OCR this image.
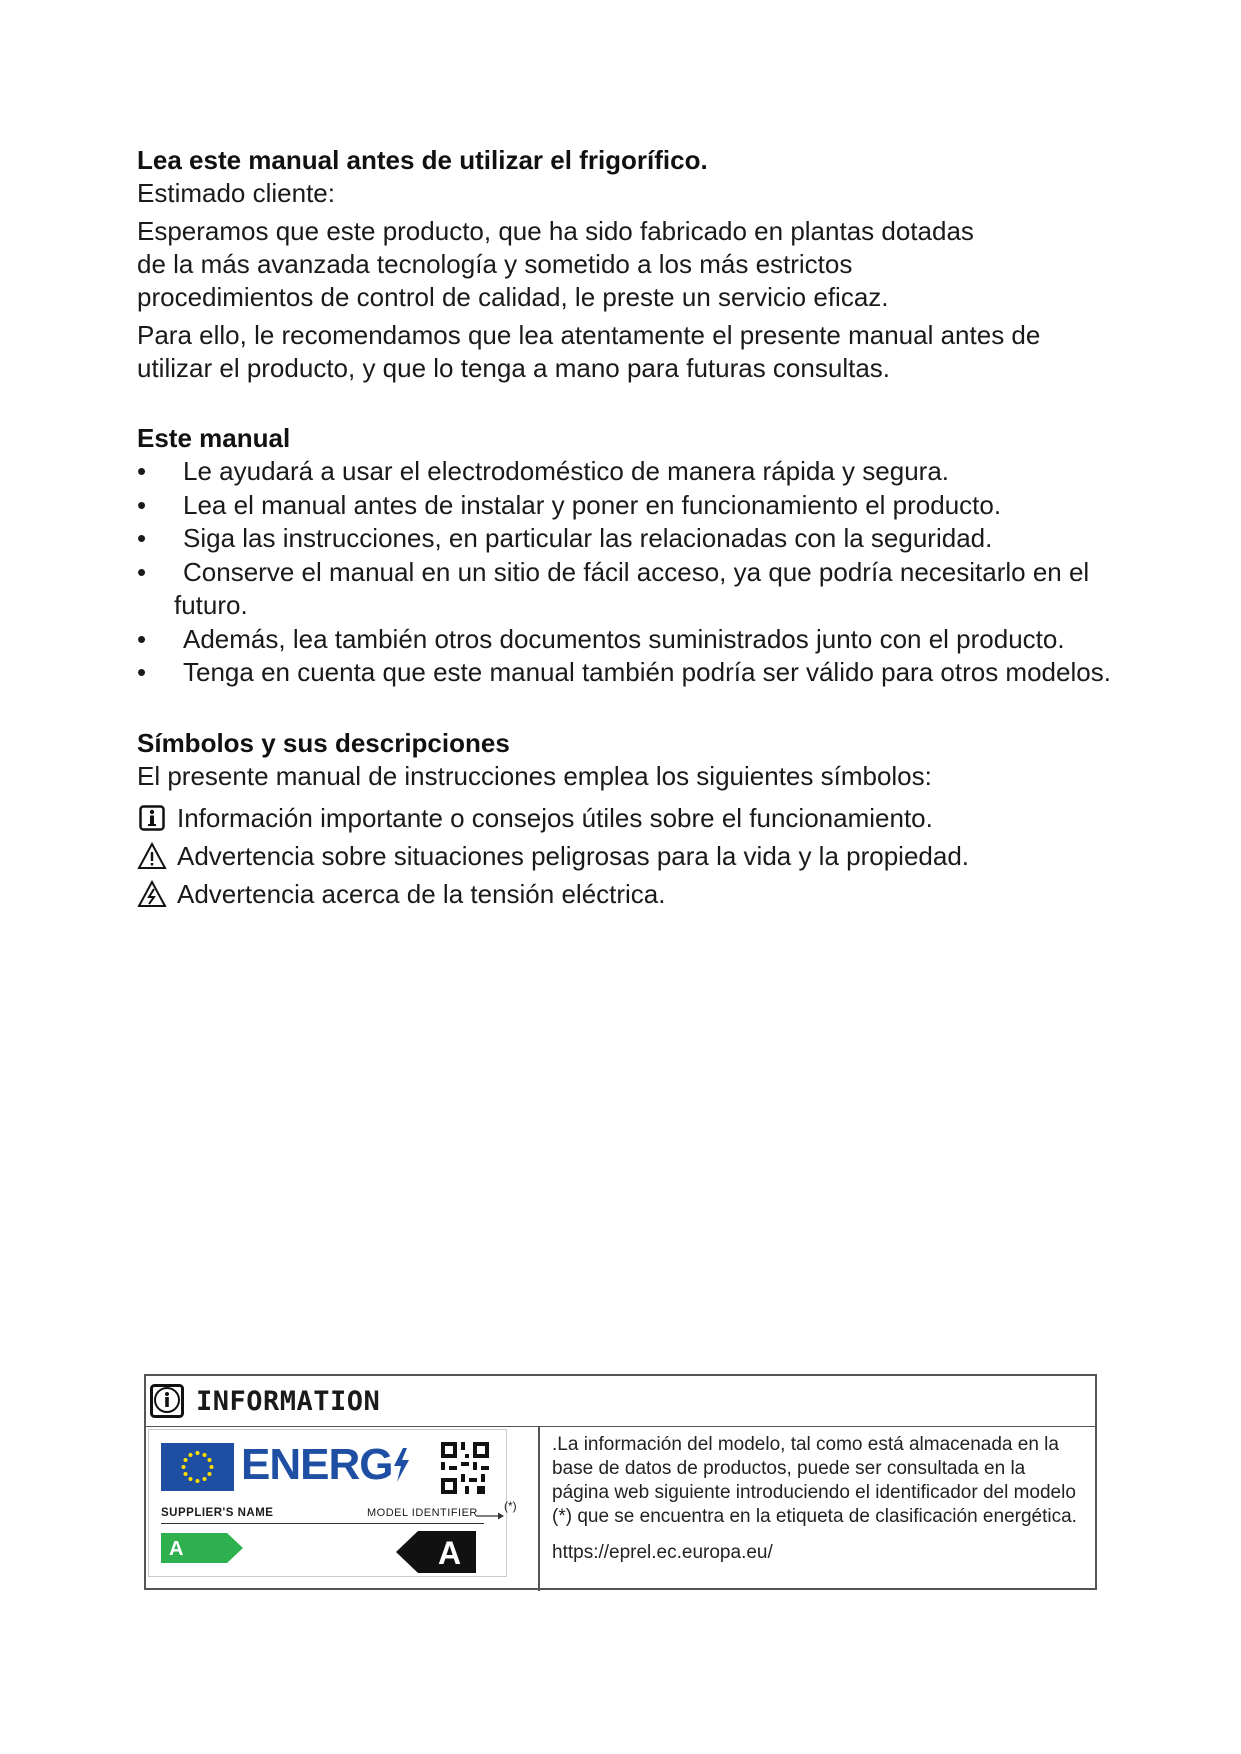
Lea este manual antes de utilizar el frigorífico.

Estimado cliente:

Esperamos que este producto, que ha sido fabricado en plantas dotadas de la más avanzada tecnología y sometido a los más estrictos procedimientos de control de calidad, le preste un servicio eficaz.

Para ello, le recomendamos que lea atentamente el presente manual antes de utilizar el producto, y que lo tenga a mano para futuras consultas.

Este manual
• Le ayudará a usar el electrodoméstico de manera rápida y segura.
• Lea el manual antes de instalar y poner en funcionamiento el producto.
• Siga las instrucciones, en particular las relacionadas con la seguridad.
• Conserve el manual en un sitio de fácil acceso, ya que podría necesitarlo en el
futuro.
• Además, lea también otros documentos suministrados junto con el producto.
• Tenga en cuenta que este manual también podría ser válido para otros modelos.
Símbolos y sus descripciones

El presente manual de instrucciones emplea los siguientes símbolos:

Información importante o consejos útiles sobre el funcionamiento.
Advertencia sobre situaciones peligrosas para la vida y la propiedad.
Advertencia acerca de la tensión eléctrica.
INFORMATION
ENERG
SUPPLIER'S NAME	MODEL IDENTIFIER
A	A
(*)
.La información del modelo, tal como está almacenada en la base de datos de productos, puede ser consultada en la página web siguiente introduciendo el identificador del modelo (*) que se encuentra en la etiqueta de clasificación energética.
https://eprel.ec.europa.eu/
